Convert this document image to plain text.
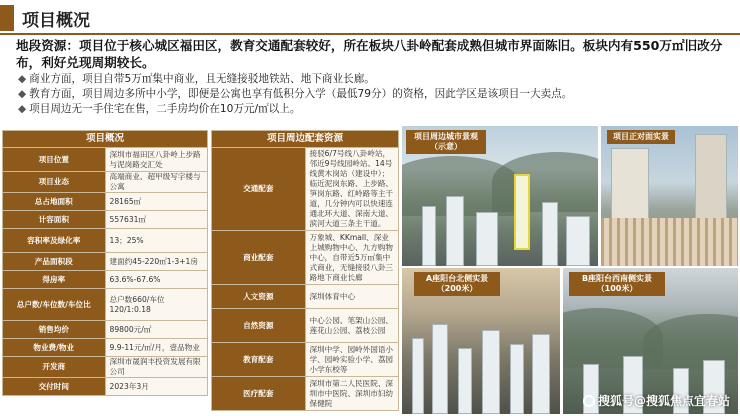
项目概况
地段资源：项目位于核心城区福田区，教育交通配套较好，所在板块八卦岭配套成熟但城市界面陈旧。板块内有550万㎡旧改分布，利好兑现周期较长。
◆ 商业方面，项目自带5万㎡集中商业，且无缝接驳地铁站、地下商业长廊。
◆ 教育方面，项目周边多所中小学，即便是公寓也享有低积分入学（最低79分）的资格，因此学区是该项目一大卖点。
◆ 项目周边无一手住宅在售，二手房均价在10万元/㎡以上。
项目概况	
项目位置	深圳市福田区八卦岭上步路与泥岗路交汇处
项目业态	高端商业、超甲级写字楼与公寓
总占地面积	28165㎡
计容面积	557631㎡
容积率及绿化率	13；25%
产品面积段	建面约45-220㎡1-3+1房
得房率	63.6%-67.6%
总户数/车位数/车位比	总户数660/车位120/1:0.18
销售均价	89800元/㎡
物业费/物业	9.9-11元/㎡/月，壹品物业
开发商	深圳市晟润丰投资发展有限公司
交付时间	2023年3月
项目周边配套资源	
交通配套	接驳6/7号线八卦岭站，邻近9号线园岭站、14号线黄木岗站（建设中）；临近泥岗东路、上步路、笋岗东路、红岭路等主干道，几分钟内可以快速连通北环大道、深南大道、滨河大道三条主干道。
商业配套	万象城、KKmall、深业上城购物中心、九方购物中心，自带近5万㎡集中式商业，无缝接驳八卦三路地下商业长廊
人文资源	深圳体育中心
自然资源	中心公园、笔架山公园、莲花山公园、荔枝公园
教育配套	深圳中学、园岭外国语小学、园岭实验小学、荔园小学东校等
医疗配套	深圳市第二人民医院、深圳市中医院、深圳市妇幼保健院
项目周边城市景观（示意）
项目正对面实景
A座阳台北侧实景（200米）
B座阳台西南侧实景（100米）
搜狐号@搜狐焦点宜春站
